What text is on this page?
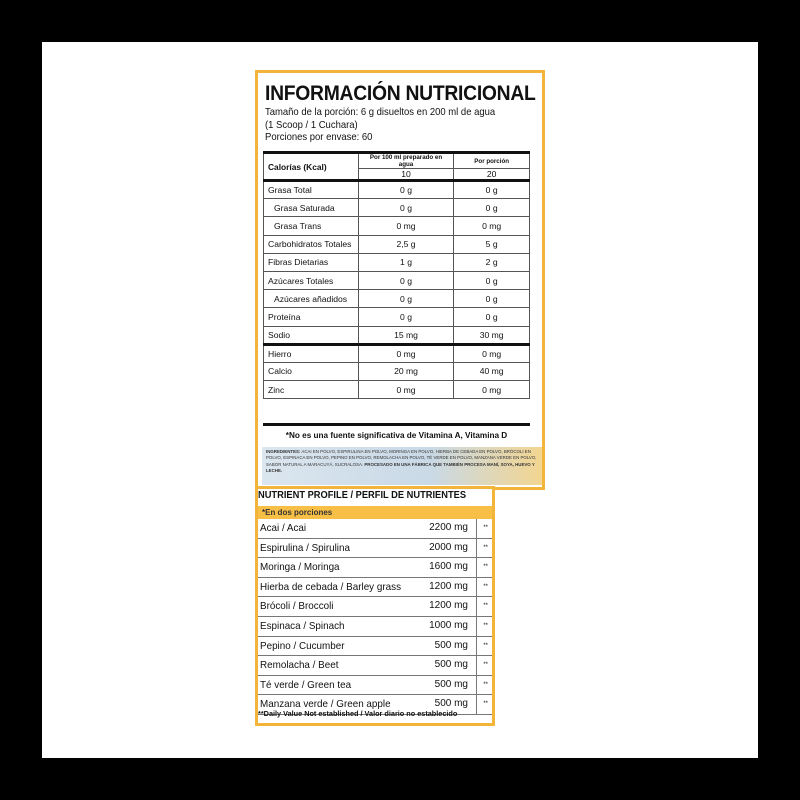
INFORMACIÓN NUTRICIONAL
Tamaño de la porción: 6 g disueltos en 200 ml de agua
(1 Scoop / 1 Cuchara)
Porciones por envase: 60
Calorías (Kcal)	Por 100 ml preparado en agua	Por porción
	10	20
Grasa Total	0 g	0 g
Grasa Saturada	0 g	0 g
Grasa Trans	0 mg	0 mg
Carbohidratos Totales	2,5 g	5 g
Fibras Dietarias	1 g	2 g
Azúcares Totales	0 g	0 g
Azúcares añadidos	0 g	0 g
Proteína	0 g	0 g
Sodio	15 mg	30 mg
Hierro	0 mg	0 mg
Calcio	20 mg	40 mg
Zinc	0 mg	0 mg
*No es una fuente significativa de Vitamina A, Vitamina D
INGREDIENTES: ACAI EN POLVO, ESPIRULINA EN POLVO, MORINGA EN POLVO, HIERBA DE CEBADA EN POLVO, BRÓCOLI EN POLVO, ESPINACA EN POLVO, PEPINO EN POLVO, REMOLACHA EN POLVO, TÉ VERDE EN POLVO, MANZANA VERDE EN POLVO, SABOR NATURAL A MARACUYÁ, SUCRALOSA. PROCESADO EN UNA FÁBRICA QUE TAMBIÉN PROCESA MANÍ, SOYA, HUEVO Y LECHE.
NUTRIENT PROFILE / PERFIL DE NUTRIENTES
*En dos porciones
Acai / Acai	2200 mg	**
Espirulina / Spirulina	2000 mg	**
Moringa / Moringa	1600 mg	**
Hierba de cebada / Barley grass	1200 mg	**
Brócoli / Broccoli	1200 mg	**
Espinaca / Spinach	1000 mg	**
Pepino / Cucumber	500 mg	**
Remolacha / Beet	500 mg	**
Té verde / Green tea	500 mg	**
Manzana verde / Green apple	500 mg	**
**Daily Value Not established / Valor diario no establecido
